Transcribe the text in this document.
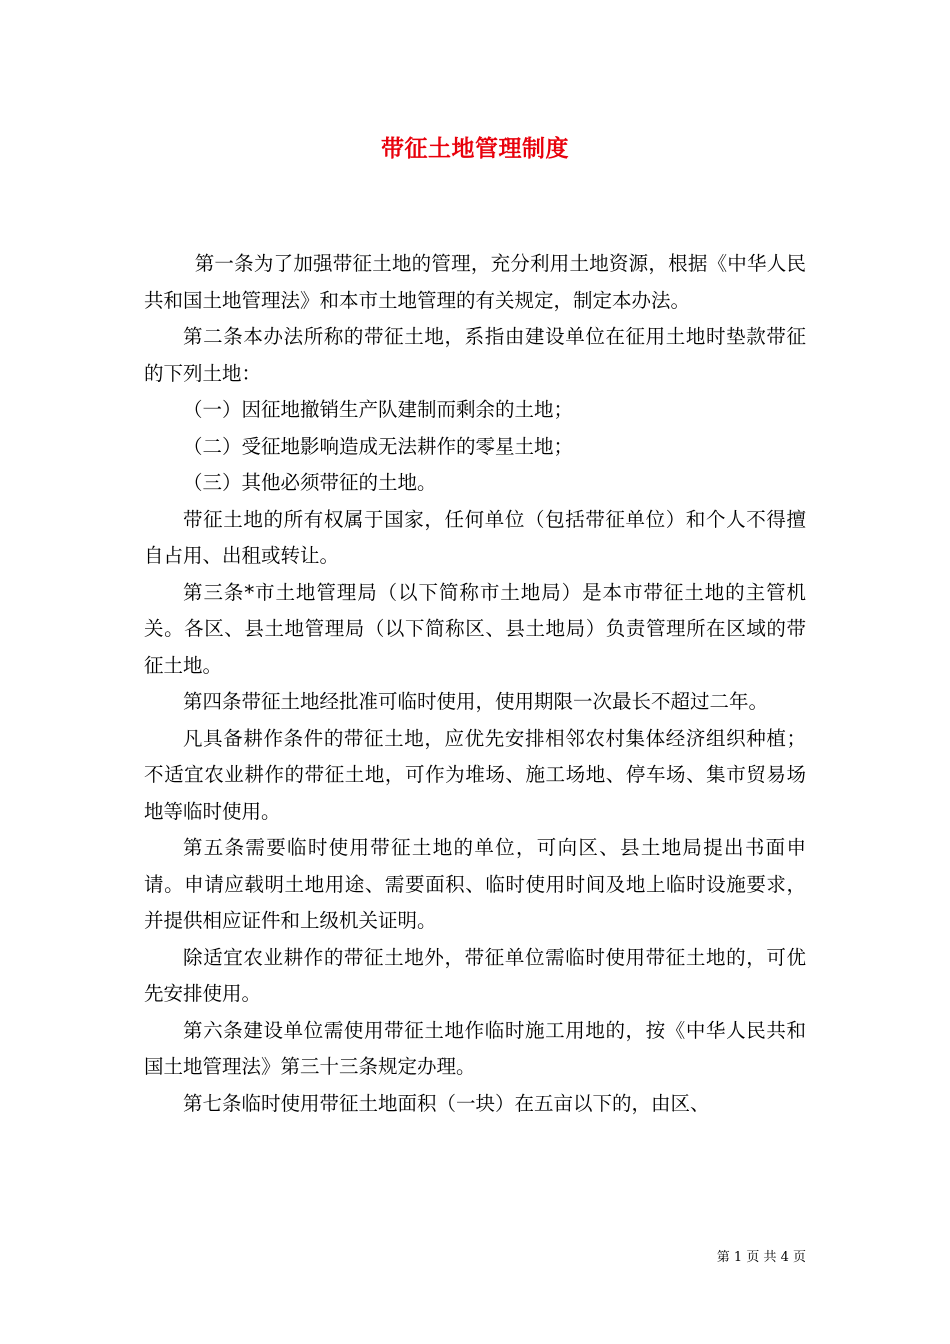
带征土地管理制度

第一条为了加强带征土地的管理，充分利用土地资源，根据《中华人民共和国土地管理法》和本市土地管理的有关规定，制定本办法。

第二条本办法所称的带征土地，系指由建设单位在征用土地时垫款带征的下列土地：

（一）因征地撤销生产队建制而剩余的土地；

（二）受征地影响造成无法耕作的零星土地；

（三）其他必须带征的土地。

带征土地的所有权属于国家，任何单位（包括带征单位）和个人不得擅自占用、出租或转让。

第三条*市土地管理局（以下简称市土地局）是本市带征土地的主管机关。各区、县土地管理局（以下简称区、县土地局）负责管理所在区域的带征土地。

第四条带征土地经批准可临时使用，使用期限一次最长不超过二年。

凡具备耕作条件的带征土地，应优先安排相邻农村集体经济组织种植；不适宜农业耕作的带征土地，可作为堆场、施工场地、停车场、集市贸易场地等临时使用。

第五条需要临时使用带征土地的单位，可向区、县土地局提出书面申请。申请应载明土地用途、需要面积、临时使用时间及地上临时设施要求，并提供相应证件和上级机关证明。

除适宜农业耕作的带征土地外，带征单位需临时使用带征土地的，可优先安排使用。

第六条建设单位需使用带征土地作临时施工用地的，按《中华人民共和国土地管理法》第三十三条规定办理。

第七条临时使用带征土地面积（一块）在五亩以下的，由区、

第 1 页 共 4 页
